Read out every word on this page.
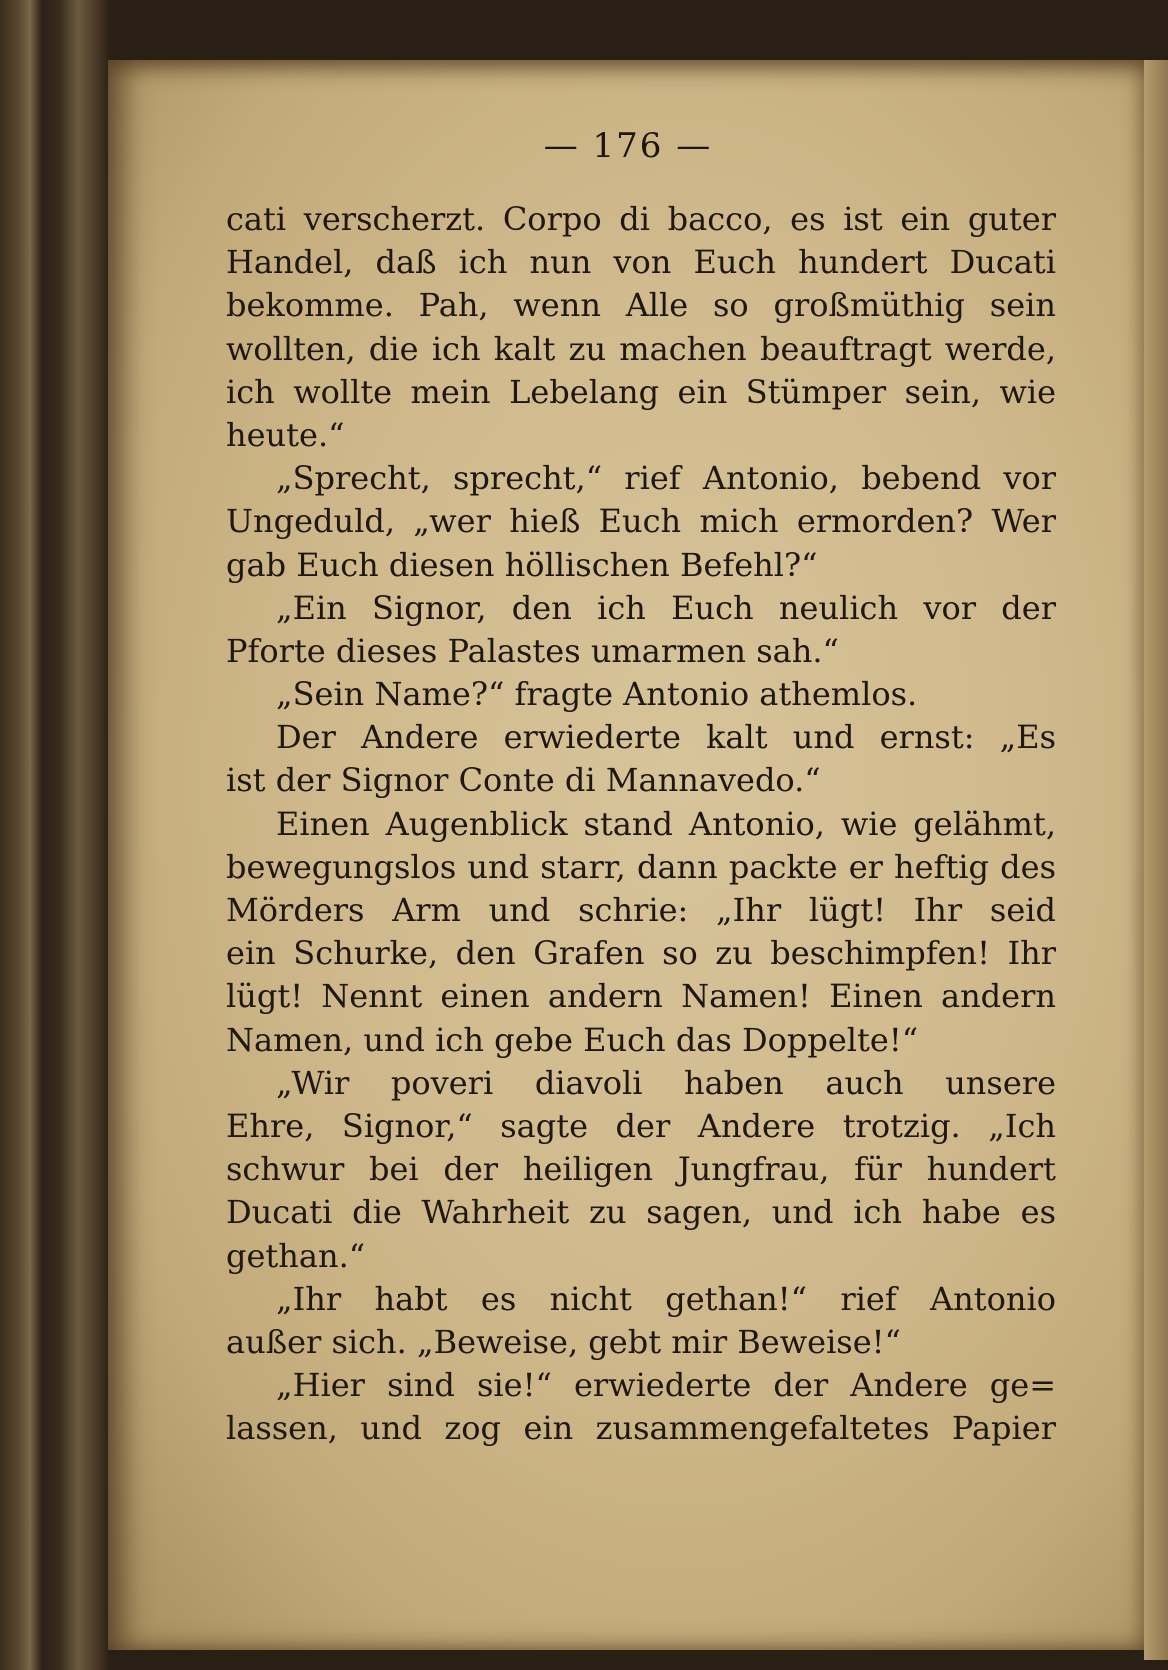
— 176 —
cati verscherzt. Corpo di bacco, es ist ein guter
Handel, daß ich nun von Euch hundert Ducati
bekomme. Pah, wenn Alle so großmüthig sein
wollten, die ich kalt zu machen beauftragt werde,
ich wollte mein Lebelang ein Stümper sein, wie
heute.“
„Sprecht, sprecht,“ rief Antonio, bebend vor
Ungeduld, „wer hieß Euch mich ermorden? Wer
gab Euch diesen höllischen Befehl?“
„Ein Signor, den ich Euch neulich vor der
Pforte dieses Palastes umarmen sah.“
„Sein Name?“ fragte Antonio athemlos.
Der Andere erwiederte kalt und ernst: „Es
ist der Signor Conte di Mannavedo.“
Einen Augenblick stand Antonio, wie gelähmt,
bewegungslos und starr, dann packte er heftig des
Mörders Arm und schrie: „Ihr lügt! Ihr seid
ein Schurke, den Grafen so zu beschimpfen! Ihr
lügt! Nennt einen andern Namen! Einen andern
Namen, und ich gebe Euch das Doppelte!“
„Wir poveri diavoli haben auch unsere
Ehre, Signor,“ sagte der Andere trotzig. „Ich
schwur bei der heiligen Jungfrau, für hundert
Ducati die Wahrheit zu sagen, und ich habe es
gethan.“
„Ihr habt es nicht gethan!“ rief Antonio
außer sich. „Beweise, gebt mir Beweise!“
„Hier sind sie!“ erwiederte der Andere ge=
lassen, und zog ein zusammengefaltetes Papier
